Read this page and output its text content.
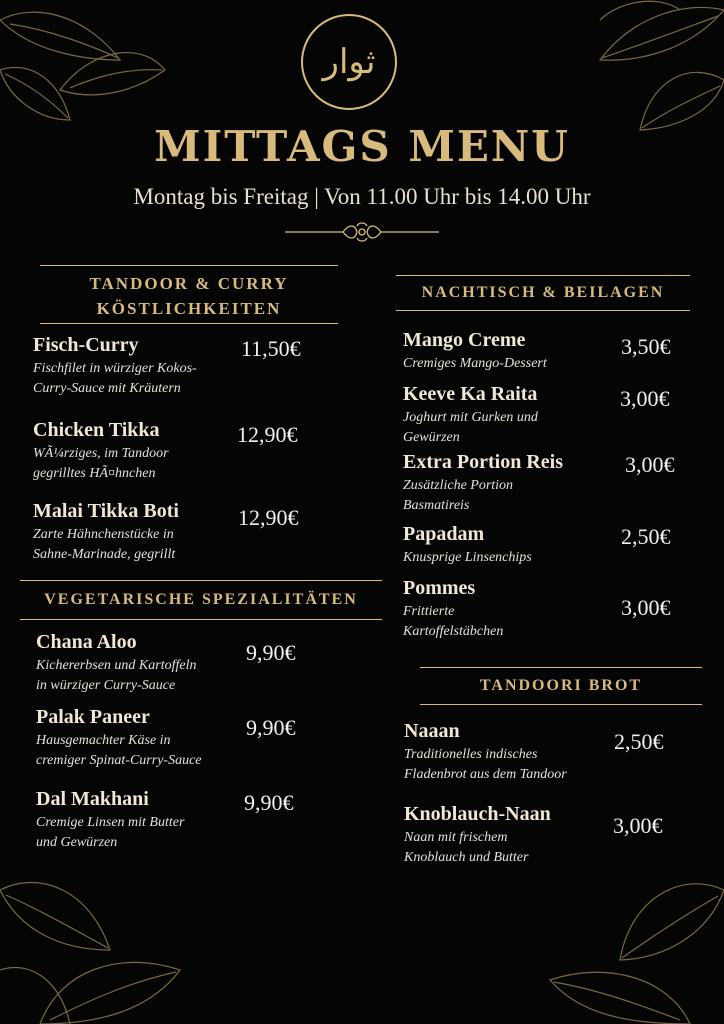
ﺛﻮﺍﺭ
MITTAGS MENU
Montag bis Freitag | Von 11.00 Uhr bis 14.00 Uhr
TANDOOR & CURRY
KÖSTLICHKEITEN
Fisch-Curry
Fischfilet in würziger Kokos-
Curry-Sauce mit Kräutern
11,50€
Chicken Tikka
WÃ¼rziges, im Tandoor
gegrilltes HÃ¤hnchen
12,90€
Malai Tikka Boti
Zarte Hähnchenstücke in
Sahne-Marinade, gegrillt
12,90€
VEGETARISCHE SPEZIALITÄTEN
Chana Aloo
Kichererbsen und Kartoffeln
in würziger Curry-Sauce
9,90€
Palak Paneer
Hausgemachter Käse in
cremiger Spinat-Curry-Sauce
9,90€
Dal Makhani
Cremige Linsen mit Butter
und Gewürzen
9,90€
NACHTISCH & BEILAGEN
Mango Creme
Cremiges Mango-Dessert
3,50€
Keeve Ka Raita
Joghurt mit Gurken und
Gewürzen
3,00€
Extra Portion Reis
Zusätzliche Portion
Basmatireis
3,00€
Papadam
Knusprige Linsenchips
2,50€
Pommes
Frittierte
Kartoffelstäbchen
3,00€
TANDOORI BROT
Naaan
Traditionelles indisches
Fladenbrot aus dem Tandoor
2,50€
Knoblauch-Naan
Naan mit frischem
Knoblauch und Butter
3,00€
